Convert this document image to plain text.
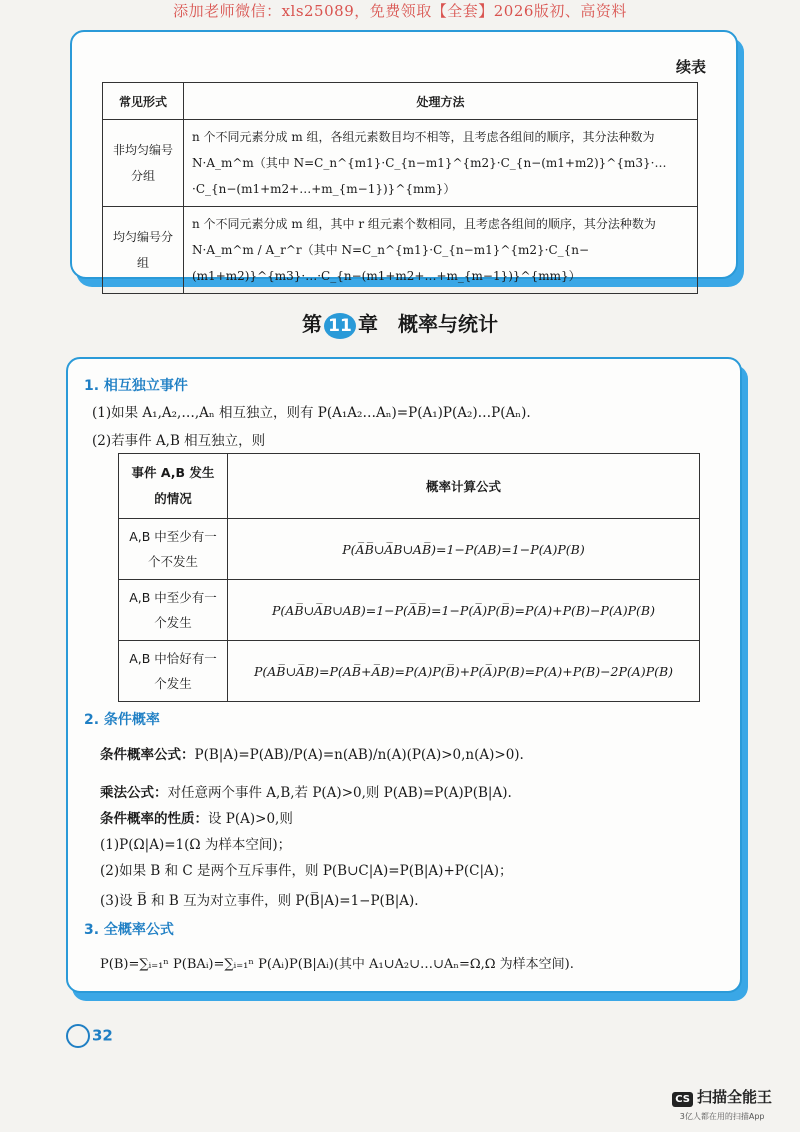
添加老师微信：xls25089，免费领取【全套】2026版初、高资料
续表
常见形式	处理方法
非均匀编号分组	n 个不同元素分成 m 组，各组元素数目均不相等，且考虑各组间的顺序，其分法种数为
N·A_m^m（其中 N=C_n^{m1}·C_{n−m1}^{m2}·C_{n−(m1+m2)}^{m3}·…·C_{n−(m1+m2+…+m_{m−1})}^{mm}）

均匀编号分组	n 个不同元素分成 m 组，其中 r 组元素个数相同，且考虑各组间的顺序，其分法种数为
N·A_m^m / A_r^r（其中 N=C_n^{m1}·C_{n−m1}^{m2}·C_{n−(m1+m2)}^{m3}·…·C_{n−(m1+m2+…+m_{m−1})}^{mm}）
第 11 章 概率与统计
1. 相互独立事件
(1)如果 A₁,A₂,…,Aₙ 相互独立，则有 P(A₁A₂…Aₙ)=P(A₁)P(A₂)…P(Aₙ).
(2)若事件 A,B 相互独立，则
事件 A,B 发生的情况	概率计算公式
A,B 中至少有一个不发生	P(A̅B̅∪A̅B∪AB̅)=1−P(AB)=1−P(A)P(B)
A,B 中至少有一个发生	P(AB̅∪A̅B∪AB)=1−P(A̅B̅)=1−P(A̅)P(B̅)=P(A)+P(B)−P(A)P(B)
A,B 中恰好有一个发生	P(AB̅∪A̅B)=P(AB̅+A̅B)=P(A)P(B̅)+P(A̅)P(B)=P(A)+P(B)−2P(A)P(B)
2. 条件概率
条件概率公式：P(B|A)=P(AB)/P(A)=n(AB)/n(A)(P(A)>0,n(A)>0).
乘法公式：对任意两个事件 A,B,若 P(A)>0,则 P(AB)=P(A)P(B|A).
条件概率的性质：设 P(A)>0,则
(1)P(Ω|A)=1(Ω 为样本空间)；
(2)如果 B 和 C 是两个互斥事件，则 P(B∪C|A)=P(B|A)+P(C|A)；
(3)设 B̅ 和 B 互为对立事件，则 P(B̅|A)=1−P(B|A).
3. 全概率公式
P(B)=∑ᵢ₌₁ⁿ P(BAᵢ)=∑ᵢ₌₁ⁿ P(Aᵢ)P(B|Aᵢ)(其中 A₁∪A₂∪…∪Aₙ=Ω,Ω 为样本空间).
32
CS 扫描全能王
3亿人都在用的扫描App
